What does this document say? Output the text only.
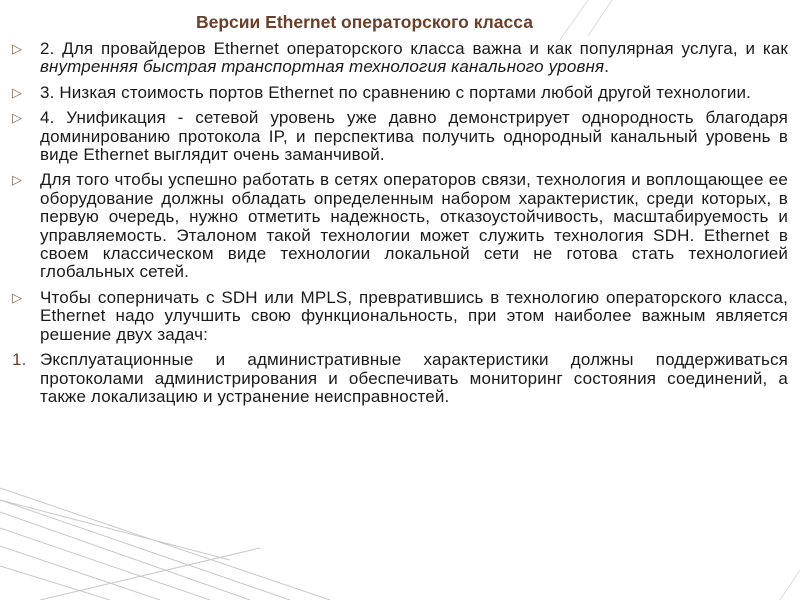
Версии Ethernet операторского класса
▷	2. Для провайдеров Ethernet операторского класса важна и как популярная услуга, и как внутренняя быстрая транспортная технология канального уровня.
▷	3. Низкая стоимость портов Ethernet по сравнению с портами любой другой технологии.
▷	4. Унификация - сетевой уровень уже давно демонстрирует однородность благодаря доминированию протокола IP, и перспектива получить однородный канальный уровень в виде Ethernet выглядит очень заманчивой.
▷	Для того чтобы успешно работать в сетях операторов связи, технология и воплощающее ее оборудование должны обладать определенным набором характеристик, среди которых, в первую очередь, нужно отметить надежность, отказоустойчивость, масштабируемость и управляемость. Эталоном такой технологии может служить технология SDH. Ethernet в своем классическом виде технологии локальной сети не готова стать технологией глобальных сетей.
▷	Чтобы соперничать с SDH или MPLS, превратившись в технологию операторского класса, Ethernet надо улучшить свою функциональность, при этом наиболее важным является решение двух задач:
1. Эксплуатационные и административные характеристики должны поддерживаться протоколами администрирования и обеспечивать мониторинг состояния соединений, а также локализацию и устранение неисправностей.
